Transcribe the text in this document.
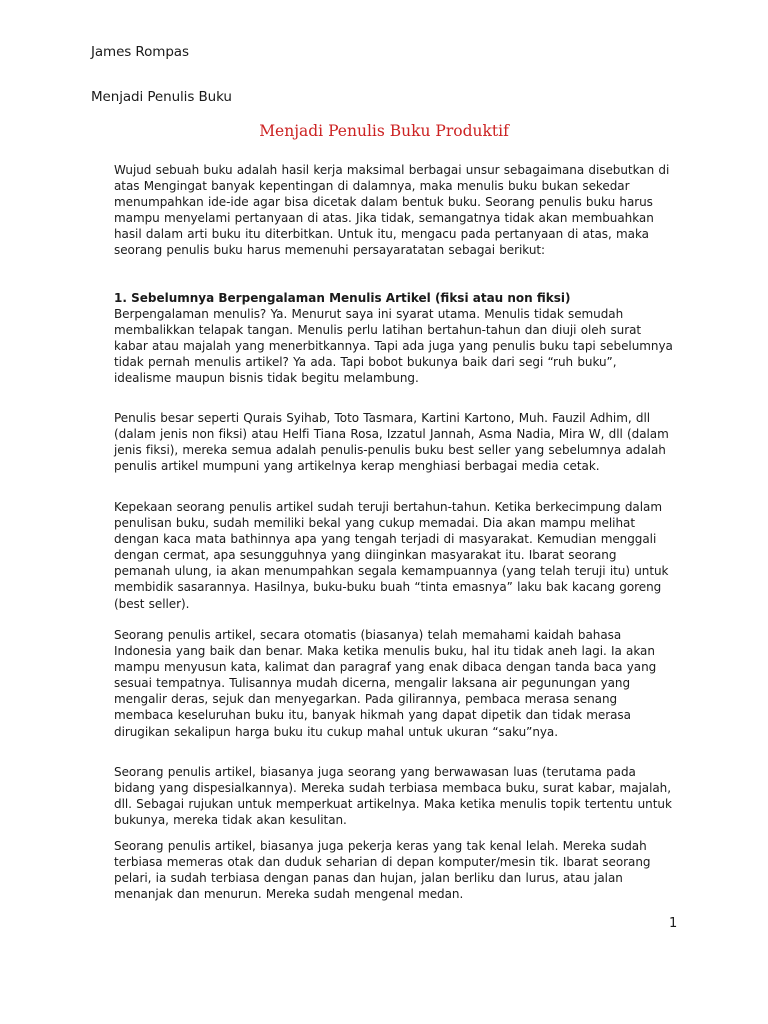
James Rompas

Menjadi Penulis Buku

Menjadi Penulis Buku Produktif

Wujud sebuah buku adalah hasil kerja maksimal berbagai unsur sebagaimana disebutkan di atas Mengingat banyak kepentingan di dalamnya, maka menulis buku bukan sekedar menumpahkan ide-ide agar bisa dicetak dalam bentuk buku. Seorang penulis buku harus mampu menyelami pertanyaan di atas. Jika tidak, semangatnya tidak akan membuahkan hasil dalam arti buku itu diterbitkan. Untuk itu, mengacu pada pertanyaan di atas, maka seorang penulis buku harus memenuhi persayaratatan sebagai berikut:

1. Sebelumnya Berpengalaman Menulis Artikel (fiksi atau non fiksi)

Berpengalaman menulis? Ya. Menurut saya ini syarat utama. Menulis tidak semudah membalikkan telapak tangan. Menulis perlu latihan bertahun-tahun dan diuji oleh surat kabar atau majalah yang menerbitkannya. Tapi ada juga yang penulis buku tapi sebelumnya tidak pernah menulis artikel? Ya ada. Tapi bobot bukunya baik dari segi “ruh buku”, idealisme maupun bisnis tidak begitu melambung.

Penulis besar seperti Qurais Syihab, Toto Tasmara, Kartini Kartono, Muh. Fauzil Adhim, dll (dalam jenis non fiksi) atau Helfi Tiana Rosa, Izzatul Jannah, Asma Nadia, Mira W, dll (dalam jenis fiksi), mereka semua adalah penulis-penulis buku best seller yang sebelumnya adalah penulis artikel mumpuni yang artikelnya kerap menghiasi berbagai media cetak.

Kepekaan seorang penulis artikel sudah teruji bertahun-tahun. Ketika berkecimpung dalam penulisan buku, sudah memiliki bekal yang cukup memadai. Dia akan mampu melihat dengan kaca mata bathinnya apa yang tengah terjadi di masyarakat. Kemudian menggali dengan cermat, apa sesungguhnya yang diinginkan masyarakat itu. Ibarat seorang pemanah ulung, ia akan menumpahkan segala kemampuannya (yang telah teruji itu) untuk membidik sasarannya. Hasilnya, buku-buku buah “tinta emasnya” laku bak kacang goreng (best seller).

Seorang penulis artikel, secara otomatis (biasanya) telah memahami kaidah bahasa Indonesia yang baik dan benar. Maka ketika menulis buku, hal itu tidak aneh lagi. Ia akan mampu menyusun kata, kalimat dan paragraf yang enak dibaca dengan tanda baca yang sesuai tempatnya. Tulisannya mudah dicerna, mengalir laksana air pegunungan yang mengalir deras, sejuk dan menyegarkan. Pada gilirannya, pembaca merasa senang membaca keseluruhan buku itu, banyak hikmah yang dapat dipetik dan tidak merasa dirugikan sekalipun harga buku itu cukup mahal untuk ukuran “saku”nya.

Seorang penulis artikel, biasanya juga seorang yang berwawasan luas (terutama pada bidang yang dispesialkannya). Mereka sudah terbiasa membaca buku, surat kabar, majalah, dll. Sebagai rujukan untuk memperkuat artikelnya. Maka ketika menulis topik tertentu untuk bukunya, mereka tidak akan kesulitan.

Seorang penulis artikel, biasanya juga pekerja keras yang tak kenal lelah. Mereka sudah terbiasa memeras otak dan duduk seharian di depan komputer/mesin tik. Ibarat seorang pelari, ia sudah terbiasa dengan panas dan hujan, jalan berliku dan lurus, atau jalan menanjak dan menurun. Mereka sudah mengenal medan.

1
